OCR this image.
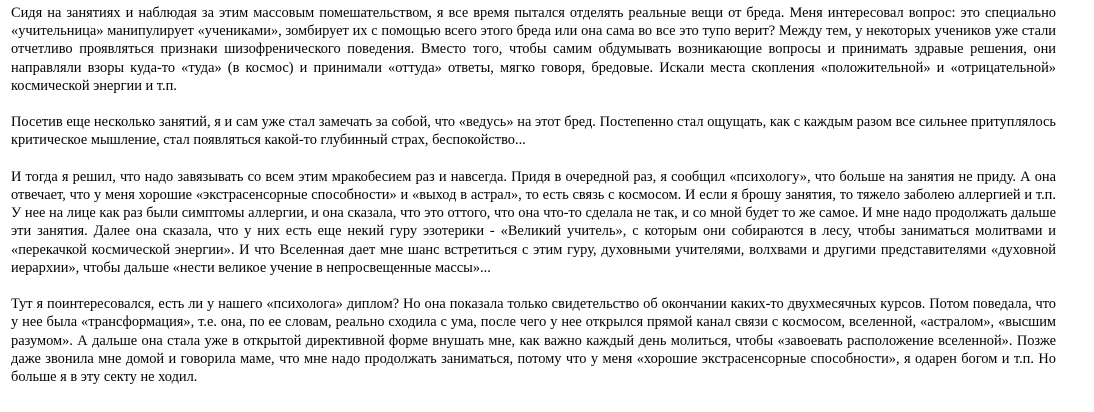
Сидя на занятиях и наблюдая за этим массовым помешательством, я все время пытался отделять реальные вещи от бреда. Меня интересовал вопрос: это специально «учительница» манипулирует «учениками», зомбирует их с помощью всего этого бреда или она сама во все это тупо верит? Между тем, у некоторых учеников уже стали отчетливо проявляться признаки шизофренического поведения. Вместо того, чтобы самим обдумывать возникающие вопросы и принимать здравые решения, они направляли взоры куда-то «туда» (в космос) и принимали «оттуда» ответы, мягко говоря, бредовые. Искали места скопления «положительной» и «отрицательной» космической энергии и т.п.

Посетив еще несколько занятий, я и сам уже стал замечать за собой, что «ведусь» на этот бред. Постепенно стал ощущать, как с каждым разом все сильнее притуплялось критическое мышление, стал появляться какой-то глубинный страх, беспокойство...

И тогда я решил, что надо завязывать со всем этим мракобесием раз и навсегда. Придя в очередной раз, я сообщил «психологу», что больше на занятия не приду. А она отвечает, что у меня хорошие «экстрасенсорные способности» и «выход в астрал», то есть связь с космосом. И если я брошу занятия, то тяжело заболею аллергией и т.п. У нее на лице как раз были симптомы аллергии, и она сказала, что это оттого, что она что-то сделала не так, и со мной будет то же самое. И мне надо продолжать дальше эти занятия. Далее она сказала, что у них есть еще некий гуру эзотерики - «Великий учитель», с которым они собираются в лесу, чтобы заниматься молитвами и «перекачкой космической энергии». И что Вселенная дает мне шанс встретиться с этим гуру, духовными учителями, волхвами и другими представителями «духовной иерархии», чтобы дальше «нести великое учение в непросвещенные массы»...

Тут я поинтересовался, есть ли у нашего «психолога» диплом? Но она показала только свидетельство об окончании каких-то двухмесячных курсов. Потом поведала, что у нее была «трансформация», т.е. она, по ее словам, реально сходила с ума, после чего у нее открылся прямой канал связи с космосом, вселенной, «астралом», «высшим разумом». А дальше она стала уже в открытой директивной форме внушать мне, как важно каждый день молиться, чтобы «завоевать расположение вселенной». Позже даже звонила мне домой и говорила маме, что мне надо продолжать заниматься, потому что у меня «хорошие экстрасенсорные способности», я одарен богом и т.п. Но больше я в эту секту не ходил.
